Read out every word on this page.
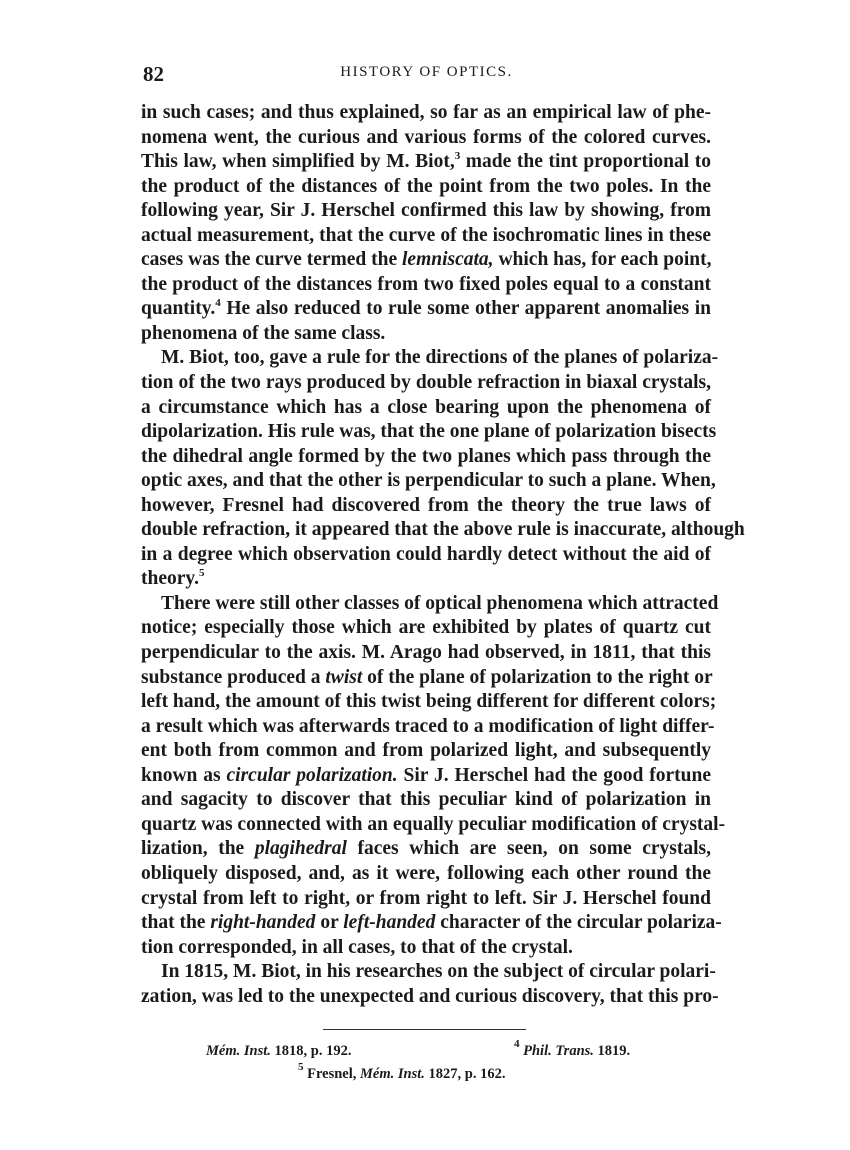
82	HISTORY OF OPTICS.
in such cases; and thus explained, so far as an empirical law of phe-
nomena went, the curious and various forms of the colored curves.
This law, when simplified by M. Biot,$^3$ made the tint proportional to
the product of the distances of the point from the two poles. In the
following year, Sir J. Herschel confirmed this law by showing, from
actual measurement, that the curve of the isochromatic lines in these
cases was the curve termed the lemniscata, which has, for each point,
the product of the distances from two fixed poles equal to a constant
quantity.$^4$ He also reduced to rule some other apparent anomalies in
phenomena of the same class.
M. Biot, too, gave a rule for the directions of the planes of polariza-
tion of the two rays produced by double refraction in biaxal crystals,
a circumstance which has a close bearing upon the phenomena of
dipolarization. His rule was, that the one plane of polarization bisects
the dihedral angle formed by the two planes which pass through the
optic axes, and that the other is perpendicular to such a plane. When,
however, Fresnel had discovered from the theory the true laws of
double refraction, it appeared that the above rule is inaccurate, although
in a degree which observation could hardly detect without the aid of
theory.$^5$
There were still other classes of optical phenomena which attracted
notice; especially those which are exhibited by plates of quartz cut
perpendicular to the axis. M. Arago had observed, in 1811, that this
substance produced a twist of the plane of polarization to the right or
left hand, the amount of this twist being different for different colors;
a result which was afterwards traced to a modification of light differ-
ent both from common and from polarized light, and subsequently
known as circular polarization. Sir J. Herschel had the good fortune
and sagacity to discover that this peculiar kind of polarization in
quartz was connected with an equally peculiar modification of crystal-
lization, the plagihedral faces which are seen, on some crystals,
obliquely disposed, and, as it were, following each other round the
crystal from left to right, or from right to left. Sir J. Herschel found
that the right-handed or left-handed character of the circular polariza-
tion corresponded, in all cases, to that of the crystal.
In 1815, M. Biot, in his researches on the subject of circular polari-
zation, was led to the unexpected and curious discovery, that this pro-
Mém. Inst. 1818, p. 192.	$^4$ Phil. Trans. 1819.
$^5$ Fresnel, Mém. Inst. 1827, p. 162.
